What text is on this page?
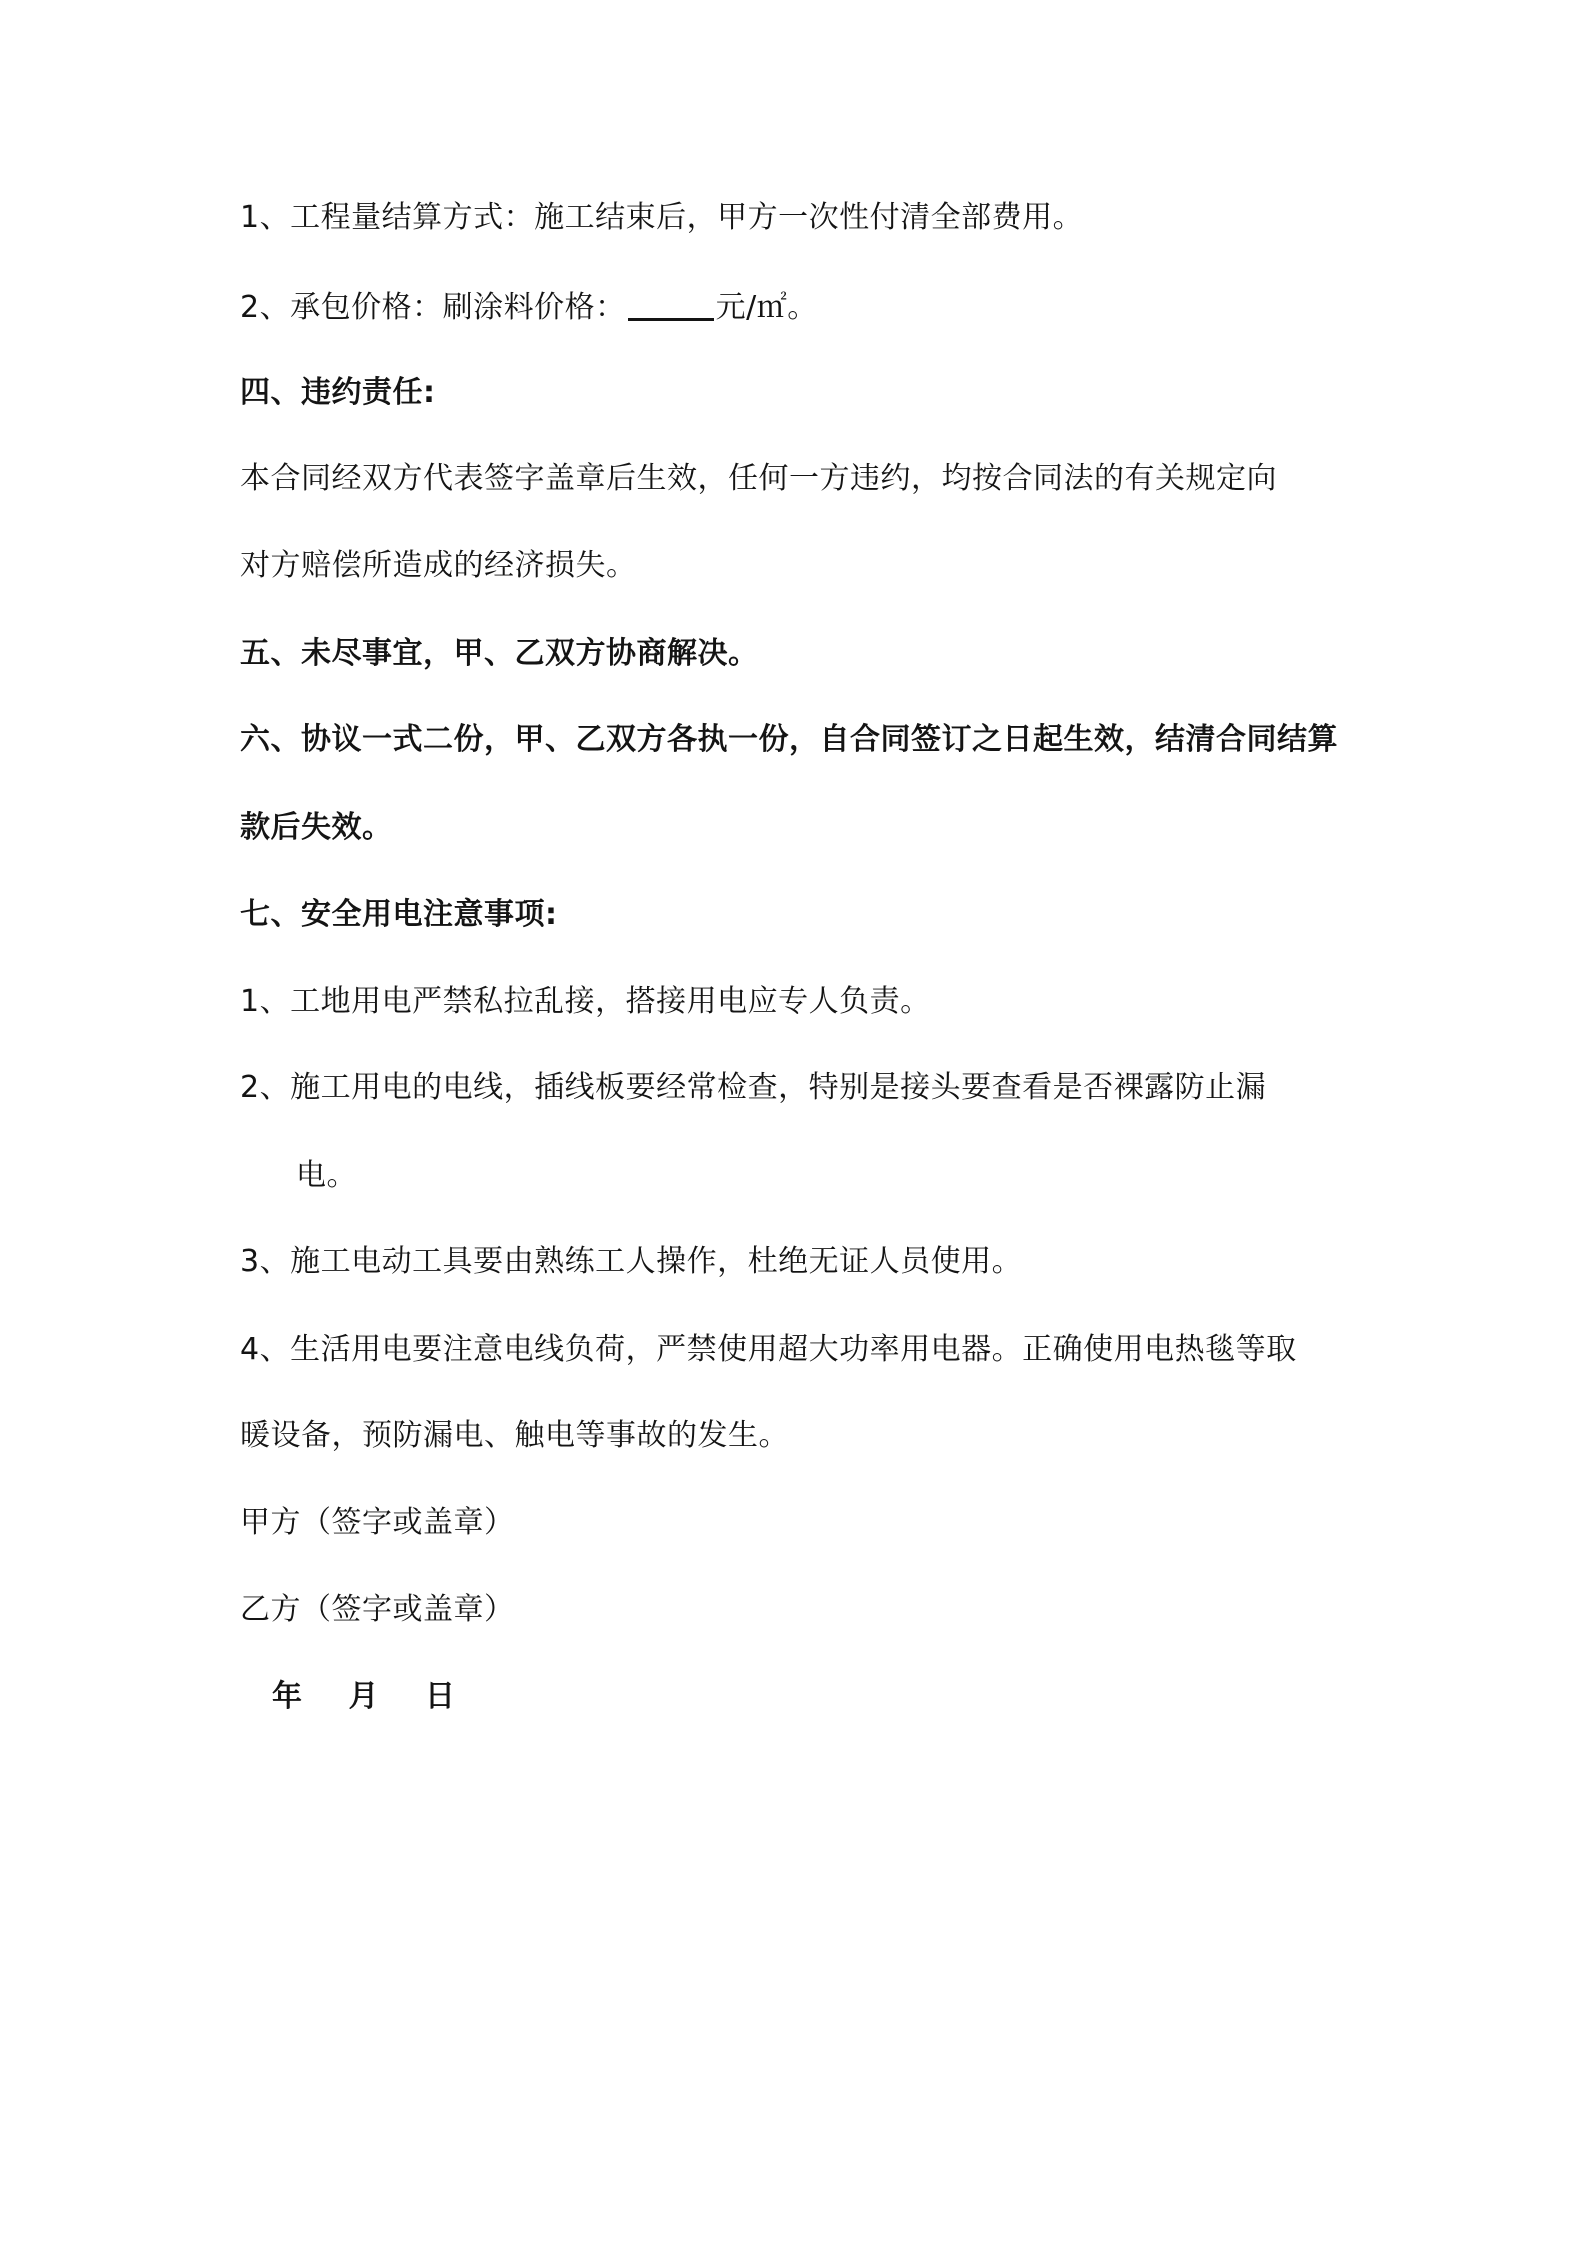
1、工程量结算方式：施工结束后，甲方一次性付清全部费用。
2、承包价格：刷涂料价格：	元/㎡。
四、违约责任:
本合同经双方代表签字盖章后生效，任何一方违约，均按合同法的有关规定向
对方赔偿所造成的经济损失。
五、未尽事宜，甲、乙双方协商解决。
六、协议一式二份，甲、乙双方各执一份，自合同签订之日起生效，结清合同结算
款后失效。
七、安全用电注意事项:
1、工地用电严禁私拉乱接，搭接用电应专人负责。
2、施工用电的电线，插线板要经常检查，特别是接头要查看是否裸露防止漏
电。
3、施工电动工具要由熟练工人操作，杜绝无证人员使用。
4、生活用电要注意电线负荷，严禁使用超大功率用电器。正确使用电热毯等取
暖设备，预防漏电、触电等事故的发生。
甲方（签字或盖章）
乙方（签字或盖章）
年 月 日
